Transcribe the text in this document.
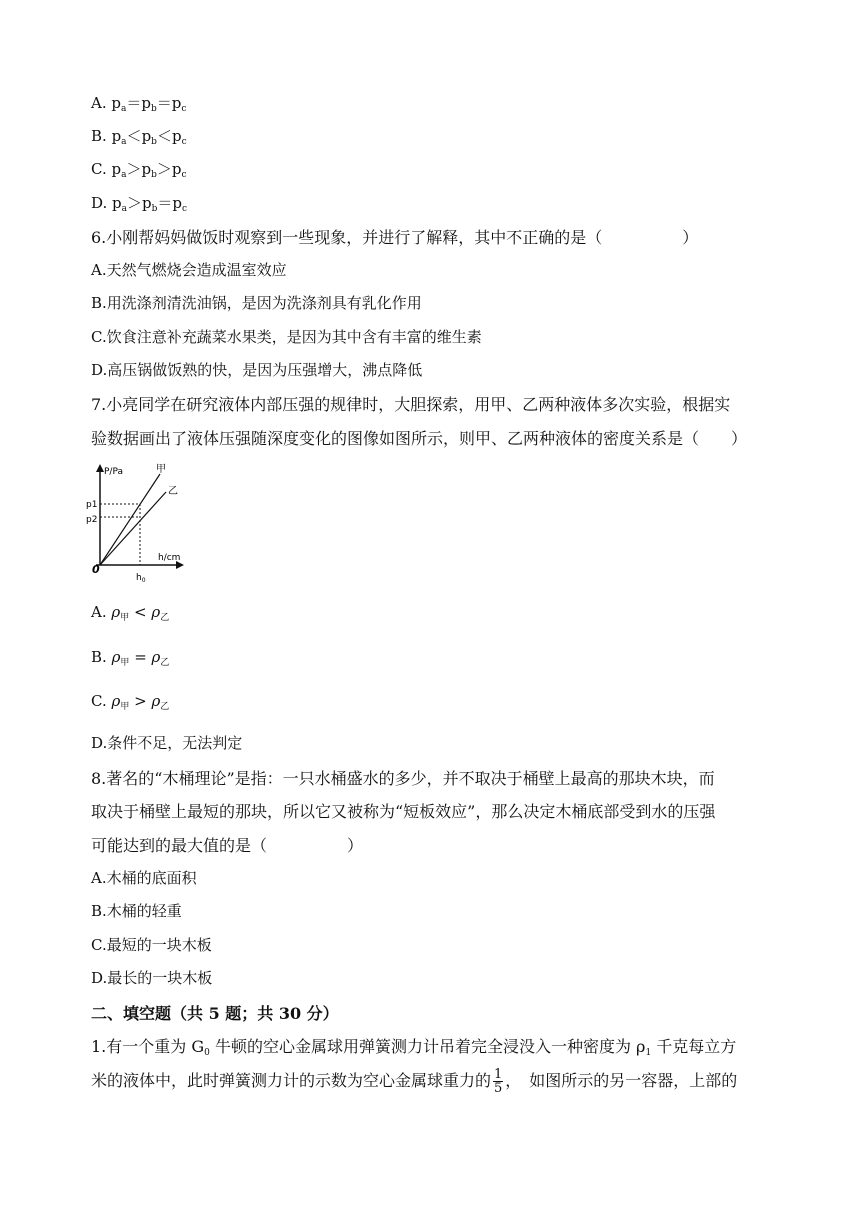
A. $p_a=p_b=p_c$
B. $p_a<p_b<p_c$
C. $p_a>p_b>p_c$
D. $p_a>p_b=p_c$
6.小刚帮妈妈做饭时观察到一些现象，并进行了解释，其中不正确的是（　　　　　）
A.天然气燃烧会造成温室效应
B.用洗涤剂清洗油锅，是因为洗涤剂具有乳化作用
C.饮食注意补充蔬菜水果类，是因为其中含有丰富的维生素
D.高压锅做饭熟的快，是因为压强增大，沸点降低
7.小亮同学在研究液体内部压强的规律时，大胆探索，用甲、乙两种液体多次实验，根据实
验数据画出了液体压强随深度变化的图像如图所示，则甲、乙两种液体的密度关系是（　　）
P/Pa	甲
乙
p1
p2
h/cm
0
$h_0$
A. $\rho_甲 < \rho_乙$
B. $\rho_甲 = \rho_乙$
C. $\rho_甲 > \rho_乙$
D.条件不足，无法判定
8.著名的“木桶理论”是指：一只水桶盛水的多少，并不取决于桶壁上最高的那块木块，而
取决于桶壁上最短的那块，所以它又被称为“短板效应”，那么决定木桶底部受到水的压强
可能达到的最大值的是（　　　　　）
A.木桶的底面积
B.木桶的轻重
C.最短的一块木板
D.最长的一块木板
二、填空题（共 5 题；共 30 分）
1.有一个重为 $G_0$ 牛顿的空心金属球用弹簧测力计吊着完全浸没入一种密度为 $\rho_1$ 千克每立方
米的液体中，此时弹簧测力计的示数为空心金属球重力的 $\frac{1}{5}$ ，　如图所示的另一容器，上部的
